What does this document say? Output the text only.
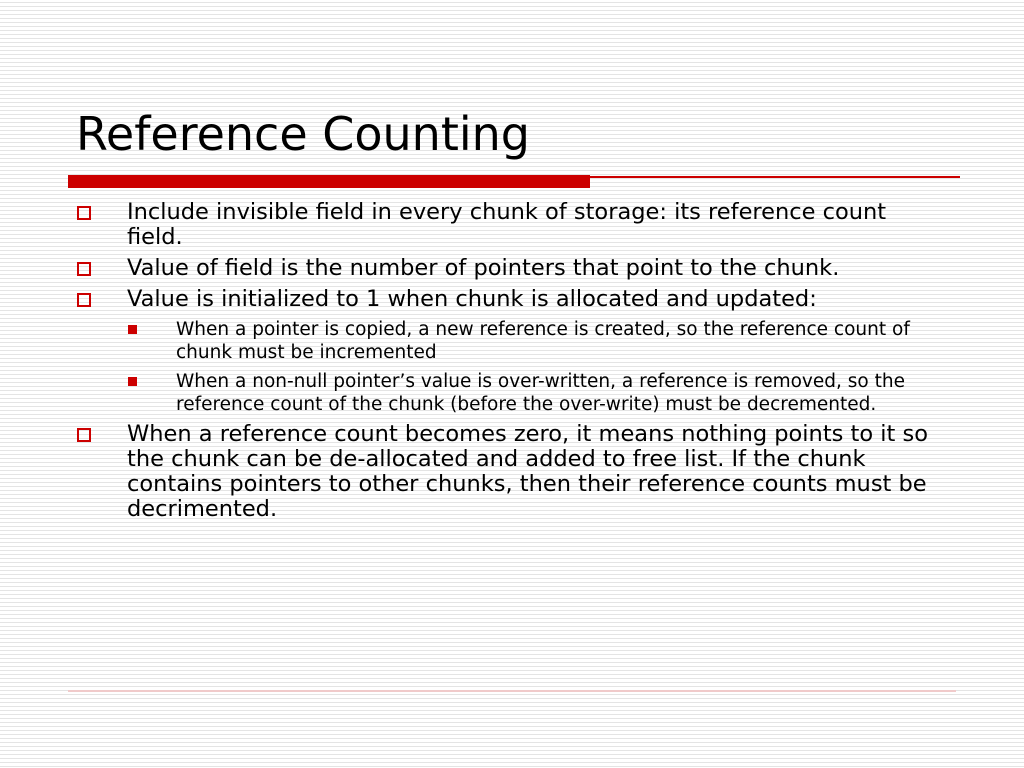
Reference Counting
Include invisible field in every chunk of storage: its reference count field.
Value of field is the number of pointers that point to the chunk.
Value is initialized to 1 when chunk is allocated and updated:
When a pointer is copied, a new reference is created, so the reference count of chunk must be incremented
When a non-null pointer’s value is over-written, a reference is removed, so the reference count of the chunk (before the over-write) must be decremented.
When a reference count becomes zero, it means nothing points to it so the chunk can be de-allocated and added to free list. If the chunk contains pointers to other chunks, then their reference counts must be decrimented.
